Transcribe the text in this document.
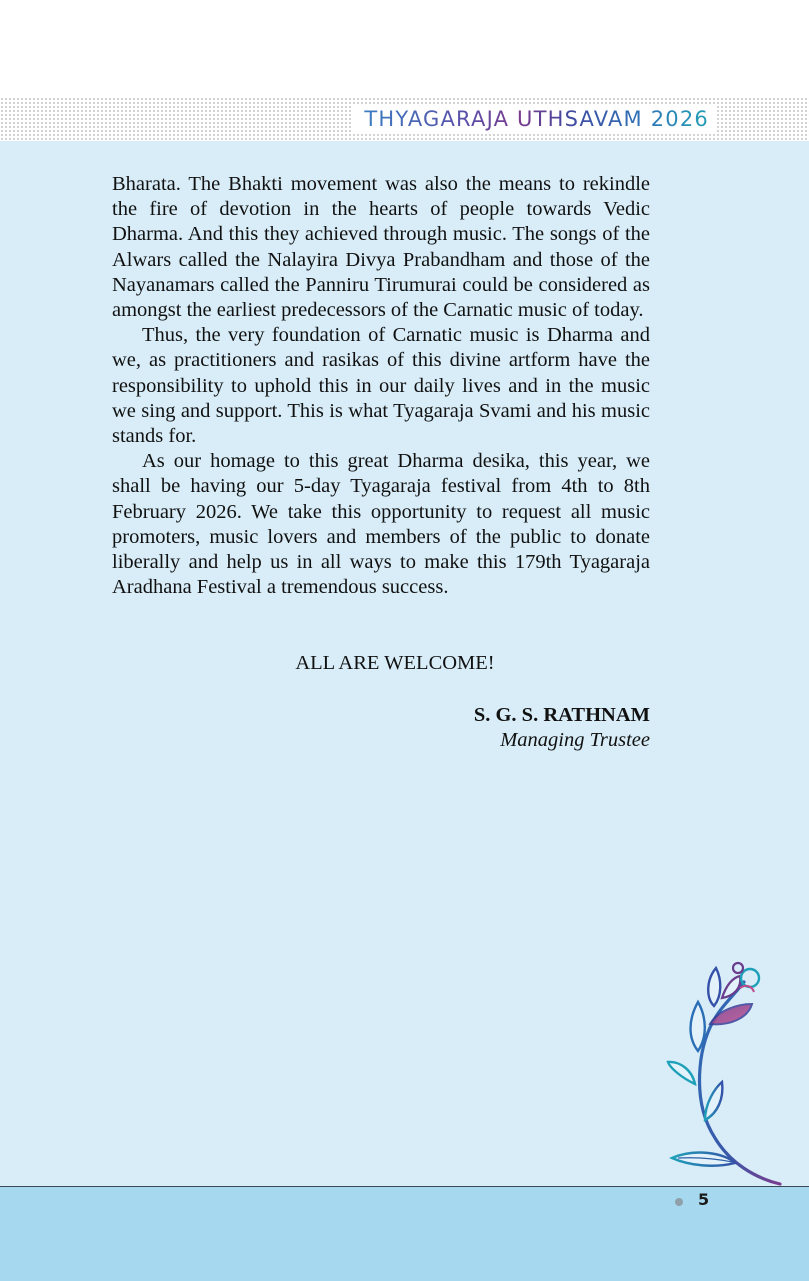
THYAGARAJA UTHSAVAM 2026

Bharata. The Bhakti movement was also the means to rekindle the fire of devotion in the hearts of people towards Vedic Dharma. And this they achieved through music. The songs of the Alwars called the Nalayira Divya Prabandham and those of the Nayanamars called the Panniru Tirumurai could be considered as amongst the earliest predecessors of the Carnatic music of today.

Thus, the very foundation of Carnatic music is Dharma and we, as practitioners and rasikas of this divine artform have the responsibility to uphold this in our daily lives and in the music we sing and support. This is what Tyagaraja Svami and his music stands for.

As our homage to this great Dharma desika, this year, we shall be having our 5-day Tyagaraja festival from 4th to 8th February 2026. We take this opportunity to request all music promoters, music lovers and members of the public to donate liberally and help us in all ways to make this 179th Tyagaraja Aradhana Festival a tremendous success.

ALL ARE WELCOME!
S. G. S. RATHNAM
Managing Trustee
5
